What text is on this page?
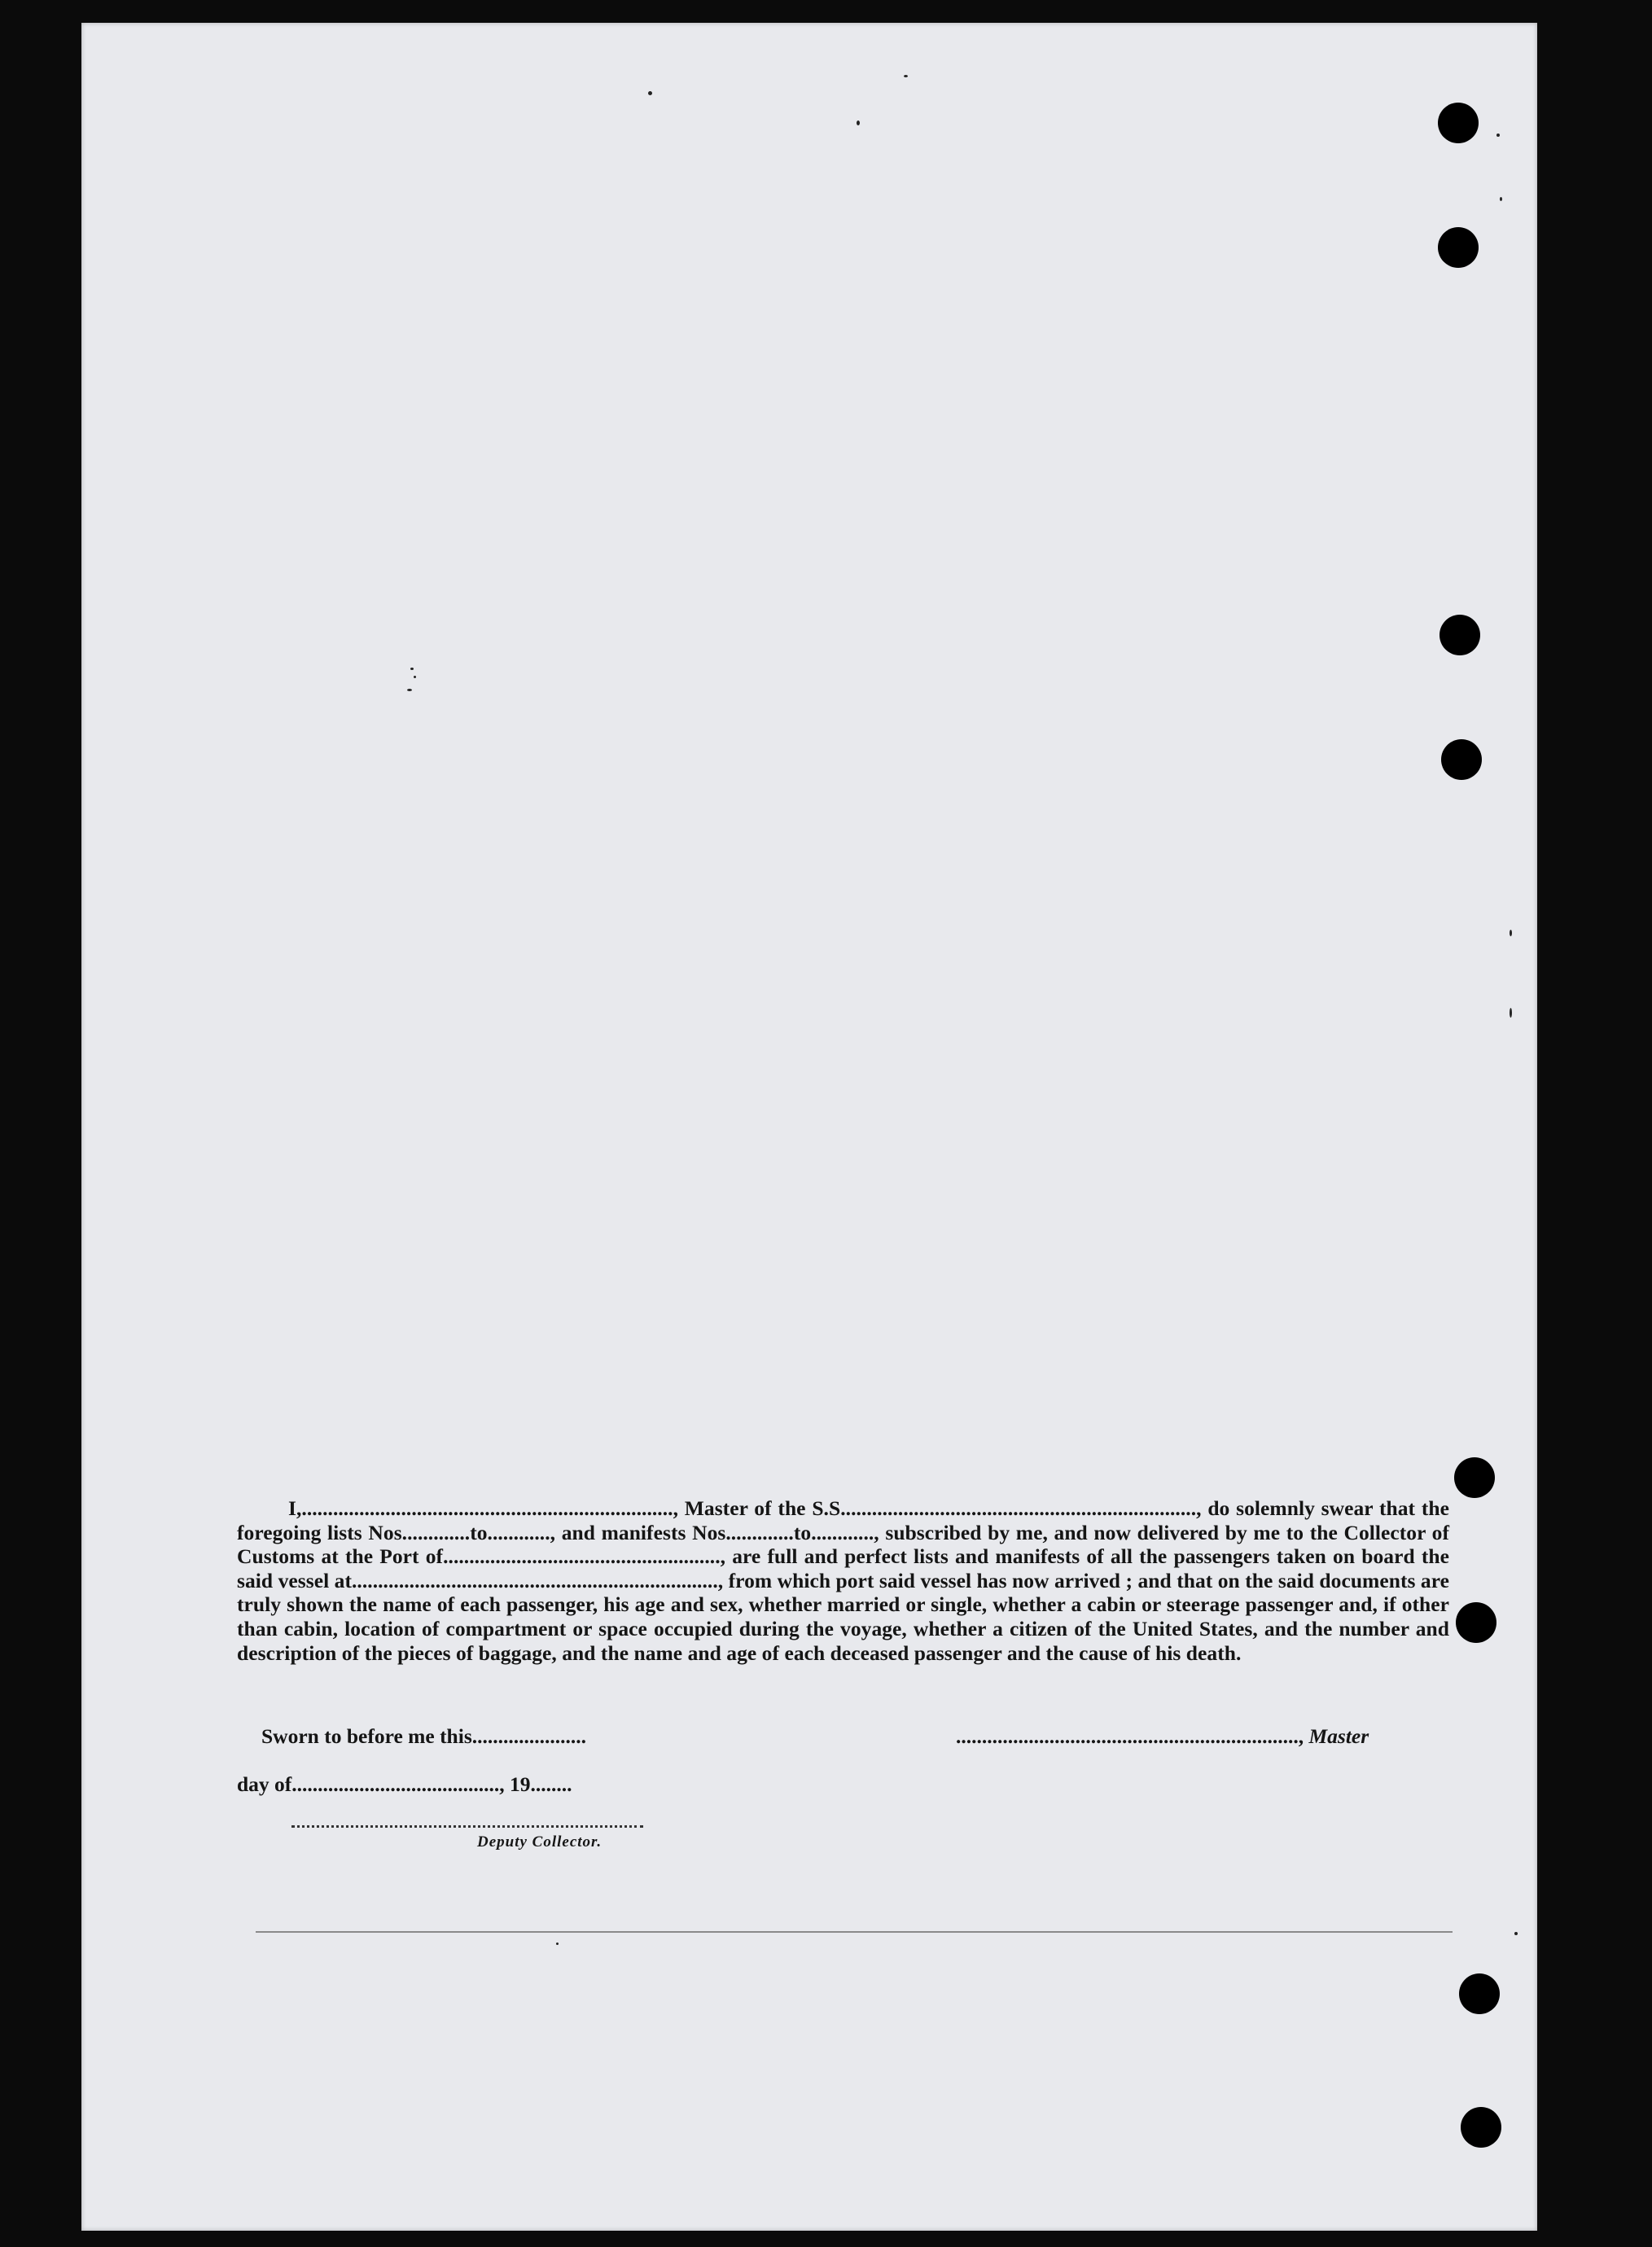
I,......................................................................., Master of the S.S...................................................................., do solemnly swear that the foregoing lists Nos.............to............, and manifests Nos.............to............, subscribed by me, and now delivered by me to the Collector of Customs at the Port of....................................................., are full and perfect lists and manifests of all the passengers taken on board the said vessel at......................................................................, from which port said vessel has now arrived ; and that on the said documents are truly shown the name of each passenger, his age and sex, whether married or single, whether a cabin or steerage passenger and, if other than cabin, location of compartment or space occupied during the voyage, whether a citizen of the United States, and the number and description of the pieces of baggage, and the name and age of each deceased passenger and the cause of his death.

Sworn to before me this......................	.................................................................., Master
day of........................................, 19........
Deputy Collector.
